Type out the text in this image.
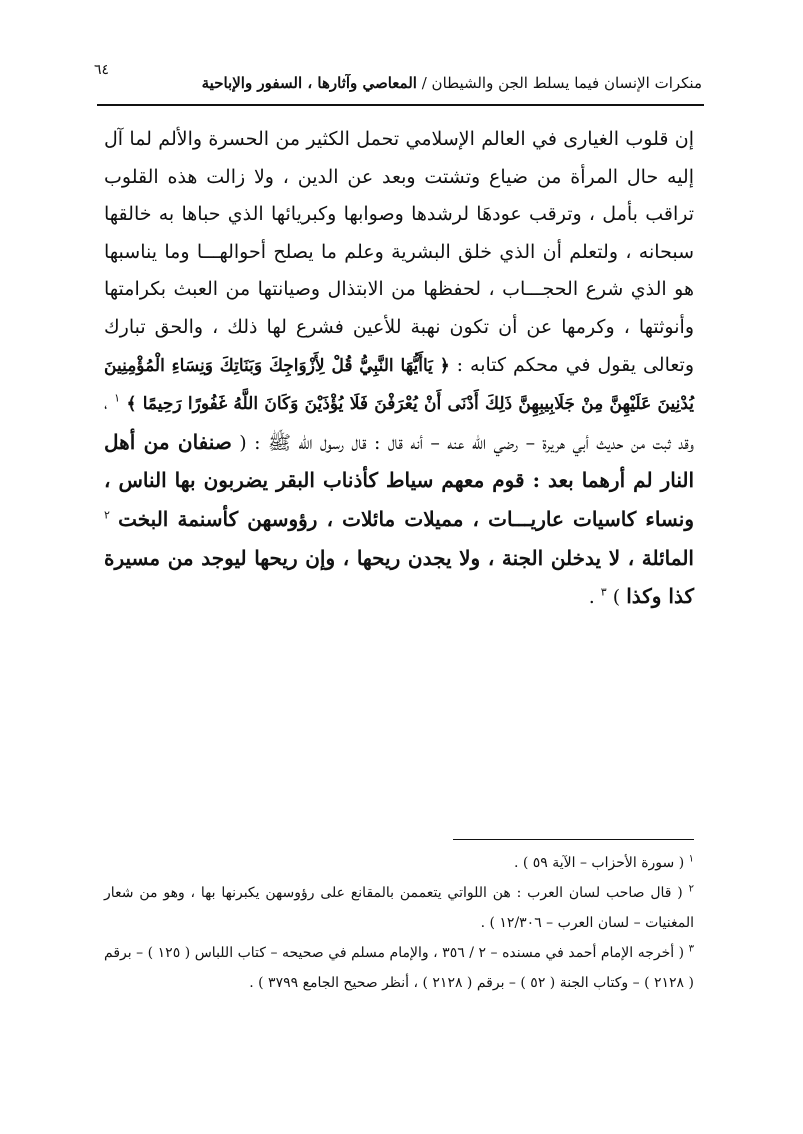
٦٤
منكرات الإنسان فيما يسلط الجن والشيطان / المعاصي وآثارها ، السفور والإباحية

إن قلوب الغيارى في العالم الإسلامي تحمل الكثير من الحسرة والألم لما آل إليه حال المرأة من ضياع وتشتت وبعد عن الدين ، ولا زالت هذه القلوب تراقب بأمل ، وترقب عودهَا لرشدها وصوابها وكبريائها الذي حباها به خالقها سبحانه ، ولتعلم أن الذي خلق البشرية وعلم ما يصلح أحوالهـــا وما يناسبها هو الذي شرع الحجـــاب ، لحفظها من الابتذال وصيانتها من العبث بكرامتها وأنوثتها ، وكرمها عن أن تكون نهبة للأعين فشرع لها ذلك ، والحق تبارك وتعالى يقول في محكم كتابه : ﴿ يَاأَيُّهَا النَّبِيُّ قُلْ لِأَزْوَاجِكَ وَبَنَاتِكَ وَنِسَاءِ الْمُؤْمِنِينَ يُدْنِينَ عَلَيْهِنَّ مِنْ جَلَابِيبِهِنَّ ذَلِكَ أَدْنَى أَنْ يُعْرَفْنَ فَلَا يُؤْذَيْنَ وَكَانَ اللَّهُ غَفُورًا رَحِيمًا ﴾ $^١$ ، وقد ثبت من حديث أبي هريرة – رضي الله عنه – أنه قال : قال رسول الله ﷺ : ( صنفان من أهل النار لم أرهما بعد : قوم معهم سياط كأذناب البقر يضربون بها الناس ، ونساء كاسيات عاريـــات ، مميلات مائلات ، رؤوسهن كأسنمة البخت $^٢$ المائلة ، لا يدخلن الجنة ، ولا يجدن ريحها ، وإن ريحها ليوجد من مسيرة كذا وكذا ) $^٣$ .

$^١$ ( سورة الأحزاب – الآية ٥٩ ) .

$^٢$ ( قال صاحب لسان العرب : هن اللواتي يتعممن بالمقانع على رؤوسهن يكبرنها بها ، وهو من شعار المغنيات – لسان العرب – ١٢/٣٠٦ ) .

$^٣$ ( أخرجه الإمام أحمد في مسنده – ٢ / ٣٥٦ ، والإمام مسلم في صحيحه – كتاب اللباس ( ١٢٥ ) – برقم ( ٢١٢٨ ) – وكتاب الجنة ( ٥٢ ) – برقم ( ٢١٢٨ ) ، أنظر صحيح الجامع ٣٧٩٩ ) .
